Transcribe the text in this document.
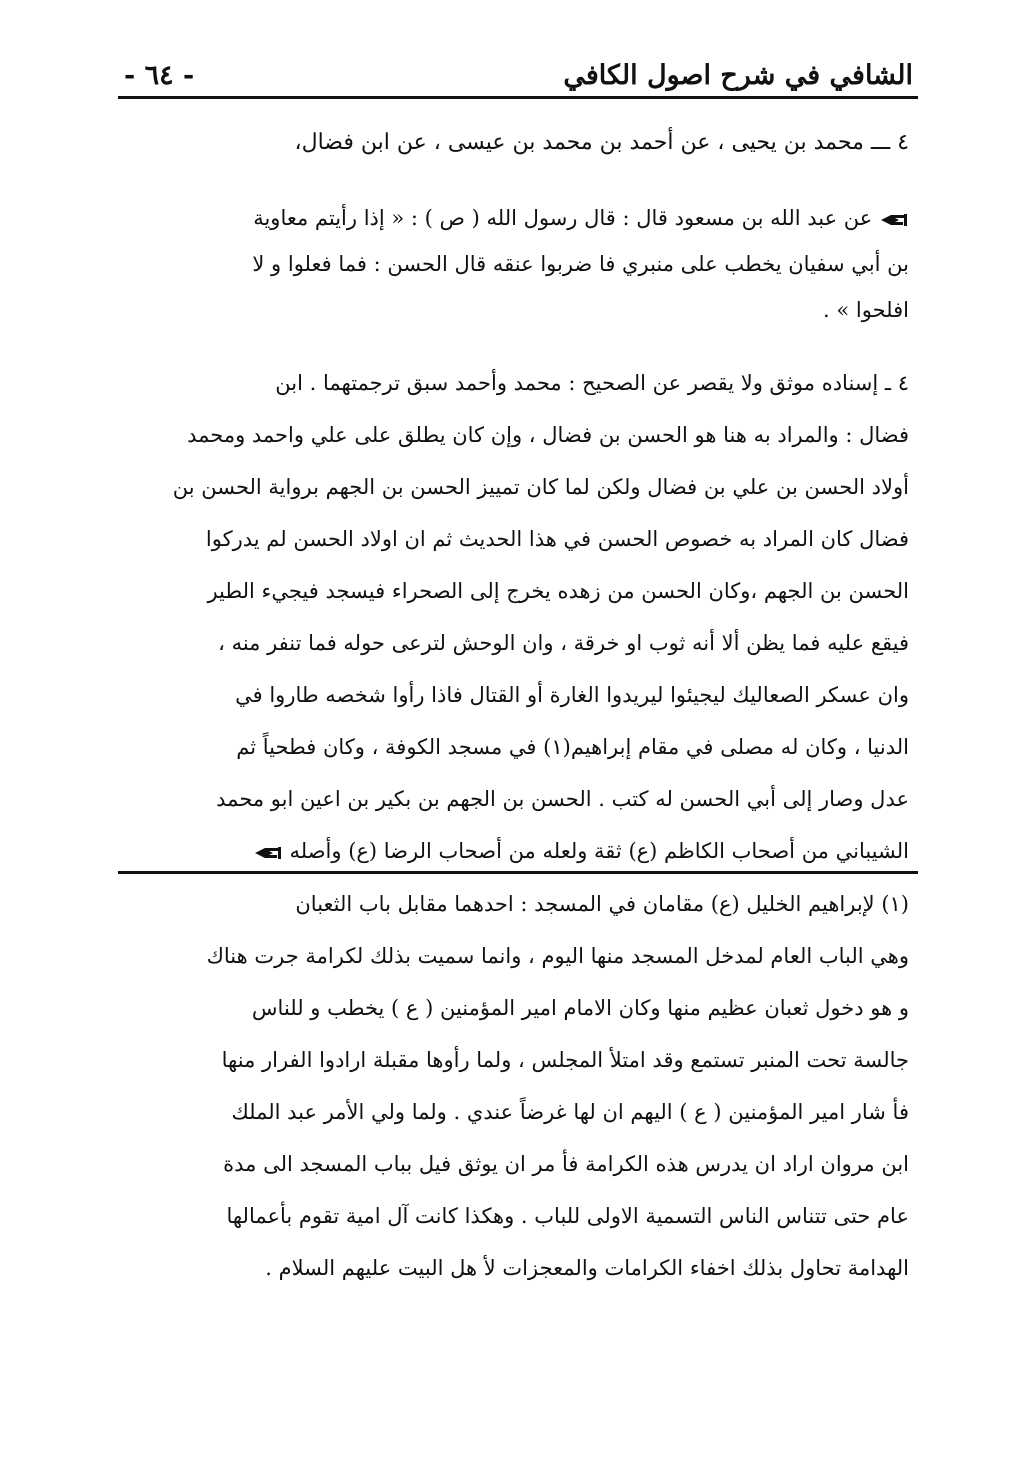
الشافي في شرح اصول الكافي
- ٦٤ -
٤ ـــ محمد بن يحيى ، عن أحمد بن محمد بن عيسى ، عن ابن فضال،
عن عبد الله بن مسعود قال : قال رسول الله ( ص ) : « إذا رأيتم معاوية
بن أبي سفيان يخطب على منبري فا ضربوا عنقه قال الحسن : فما فعلوا و لا
افلحوا » .
٤ ـ إسناده موثق ولا يقصر عن الصحيح : محمد وأحمد سبق ترجمتهما . ابن
فضال : والمراد به هنا هو الحسن بن فضال ، وإن كان يطلق على علي واحمد ومحمد
أولاد الحسن بن علي بن فضال ولكن لما كان تمييز الحسن بن الجهم برواية الحسن بن
فضال كان المراد به خصوص الحسن في هذا الحديث ثم ان اولاد الحسن لم يدركوا
الحسن بن الجهم ،وكان الحسن من زهده يخرج إلى الصحراء فيسجد فيجيء الطير
فيقع عليه فما يظن ألا أنه ثوب او خرقة ، وان الوحش لترعى حوله فما تنفر منه ،
وان عسكر الصعاليك ليجيئوا ليريدوا الغارة أو القتال فاذا رأوا شخصه طاروا في
الدنيا ، وكان له مصلى في مقام إبراهيم(١) في مسجد الكوفة ، وكان فطحياً ثم
عدل وصار إلى أبي الحسن له كتب . الحسن بن الجهم بن بكير بن اعين ابو محمد
الشيباني من أصحاب الكاظم (ع) ثقة ولعله من أصحاب الرضا (ع) وأصله
(١) لإبراهيم الخليل (ع) مقامان في المسجد : احدهما مقابل باب الثعبان
وهي الباب العام لمدخل المسجد منها اليوم ، وانما سميت بذلك لكرامة جرت هناك
و هو دخول ثعبان عظيم منها وكان الامام امير المؤمنين ( ع ) يخطب و للناس
جالسة تحت المنبر تستمع وقد امتلأ المجلس ، ولما رأوها مقبلة ارادوا الفرار منها
فأ شار امير المؤمنين ( ع ) اليهم ان لها غرضاً عندي . ولما ولي الأمر عبد الملك
ابن مروان اراد ان يدرس هذه الكرامة فأ مر ان يوثق فيل بباب المسجد الى مدة
عام حتى تتناس الناس التسمية الاولى للباب . وهكذا كانت آل امية تقوم بأعمالها
الهدامة تحاول بذلك اخفاء الكرامات والمعجزات لأ هل البيت عليهم السلام .
